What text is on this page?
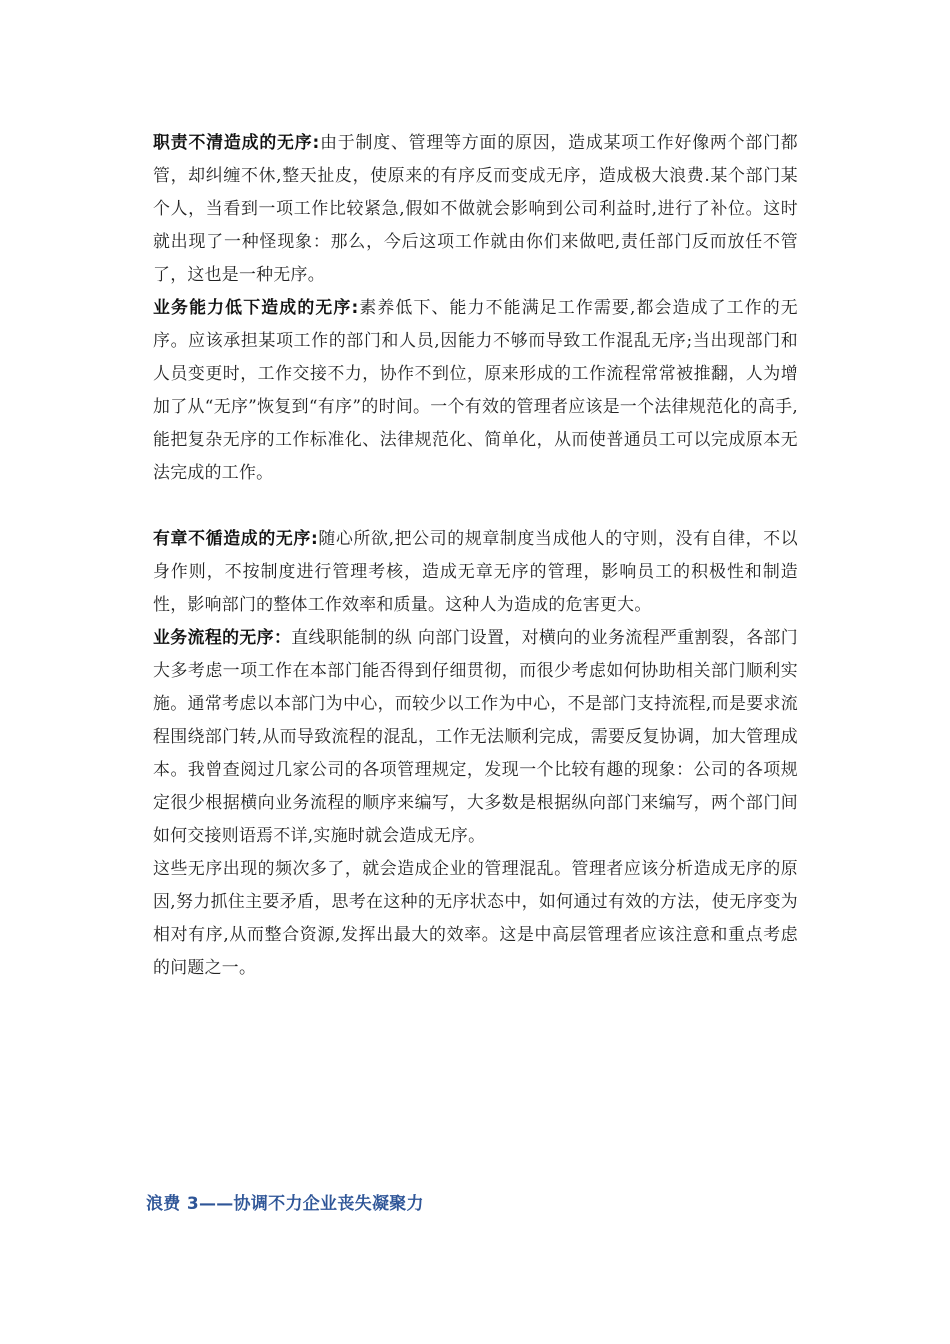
职责不清造成的无序:由于制度、管理等方面的原因，造成某项工作好像两个部门都管，却纠缠不休,整天扯皮，使原来的有序反而变成无序，造成极大浪费.某个部门某个人，当看到一项工作比较紧急,假如不做就会影响到公司利益时,进行了补位。这时就出现了一种怪现象：那么，今后这项工作就由你们来做吧,责任部门反而放任不管了，这也是一种无序。

业务能力低下造成的无序:素养低下、能力不能满足工作需要,都会造成了工作的无序。应该承担某项工作的部门和人员,因能力不够而导致工作混乱无序;当出现部门和人员变更时，工作交接不力，协作不到位，原来形成的工作流程常常被推翻，人为增加了从“无序”恢复到“有序”的时间。一个有效的管理者应该是一个法律规范化的高手,能把复杂无序的工作标准化、法律规范化、简单化，从而使普通员工可以完成原本无法完成的工作。

有章不循造成的无序:随心所欲,把公司的规章制度当成他人的守则，没有自律，不以身作则，不按制度进行管理考核，造成无章无序的管理，影响员工的积极性和制造性，影响部门的整体工作效率和质量。这种人为造成的危害更大。

业务流程的无序：直线职能制的纵 向部门设置，对横向的业务流程严重割裂，各部门大多考虑一项工作在本部门能否得到仔细贯彻，而很少考虑如何协助相关部门顺利实施。通常考虑以本部门为中心，而较少以工作为中心，不是部门支持流程,而是要求流程围绕部门转,从而导致流程的混乱，工作无法顺利完成，需要反复协调，加大管理成本。我曾查阅过几家公司的各项管理规定，发现一个比较有趣的现象：公司的各项规定很少根据横向业务流程的顺序来编写，大多数是根据纵向部门来编写，两个部门间如何交接则语焉不详,实施时就会造成无序。

这些无序出现的频次多了，就会造成企业的管理混乱。管理者应该分析造成无序的原因,努力抓住主要矛盾，思考在这种的无序状态中，如何通过有效的方法，使无序变为相对有序,从而整合资源,发挥出最大的效率。这是中高层管理者应该注意和重点考虑的问题之一。

浪费 3——协调不力企业丧失凝聚力
